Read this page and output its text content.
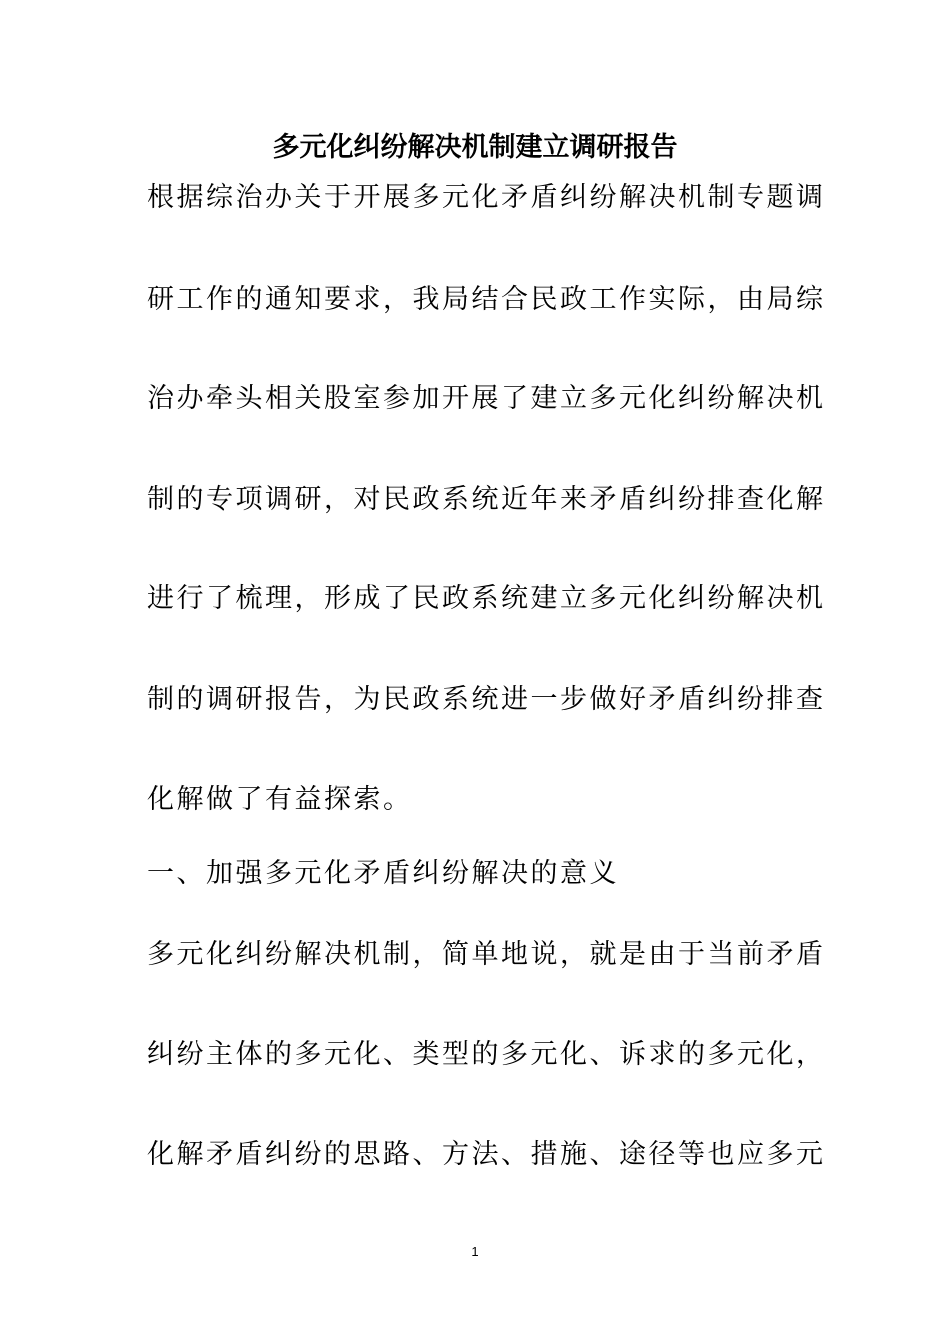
多元化纠纷解决机制建立调研报告
根据综治办关于开展多元化矛盾纠纷解决机制专题调
研工作的通知要求，我局结合民政工作实际，由局综
治办牵头相关股室参加开展了建立多元化纠纷解决机
制的专项调研，对民政系统近年来矛盾纠纷排查化解
进行了梳理，形成了民政系统建立多元化纠纷解决机
制的调研报告，为民政系统进一步做好矛盾纠纷排查
化解做了有益探索。
一、加强多元化矛盾纠纷解决的意义
多元化纠纷解决机制，简单地说，就是由于当前矛盾
纠纷主体的多元化、类型的多元化、诉求的多元化，
化解矛盾纠纷的思路、方法、措施、途径等也应多元
1
